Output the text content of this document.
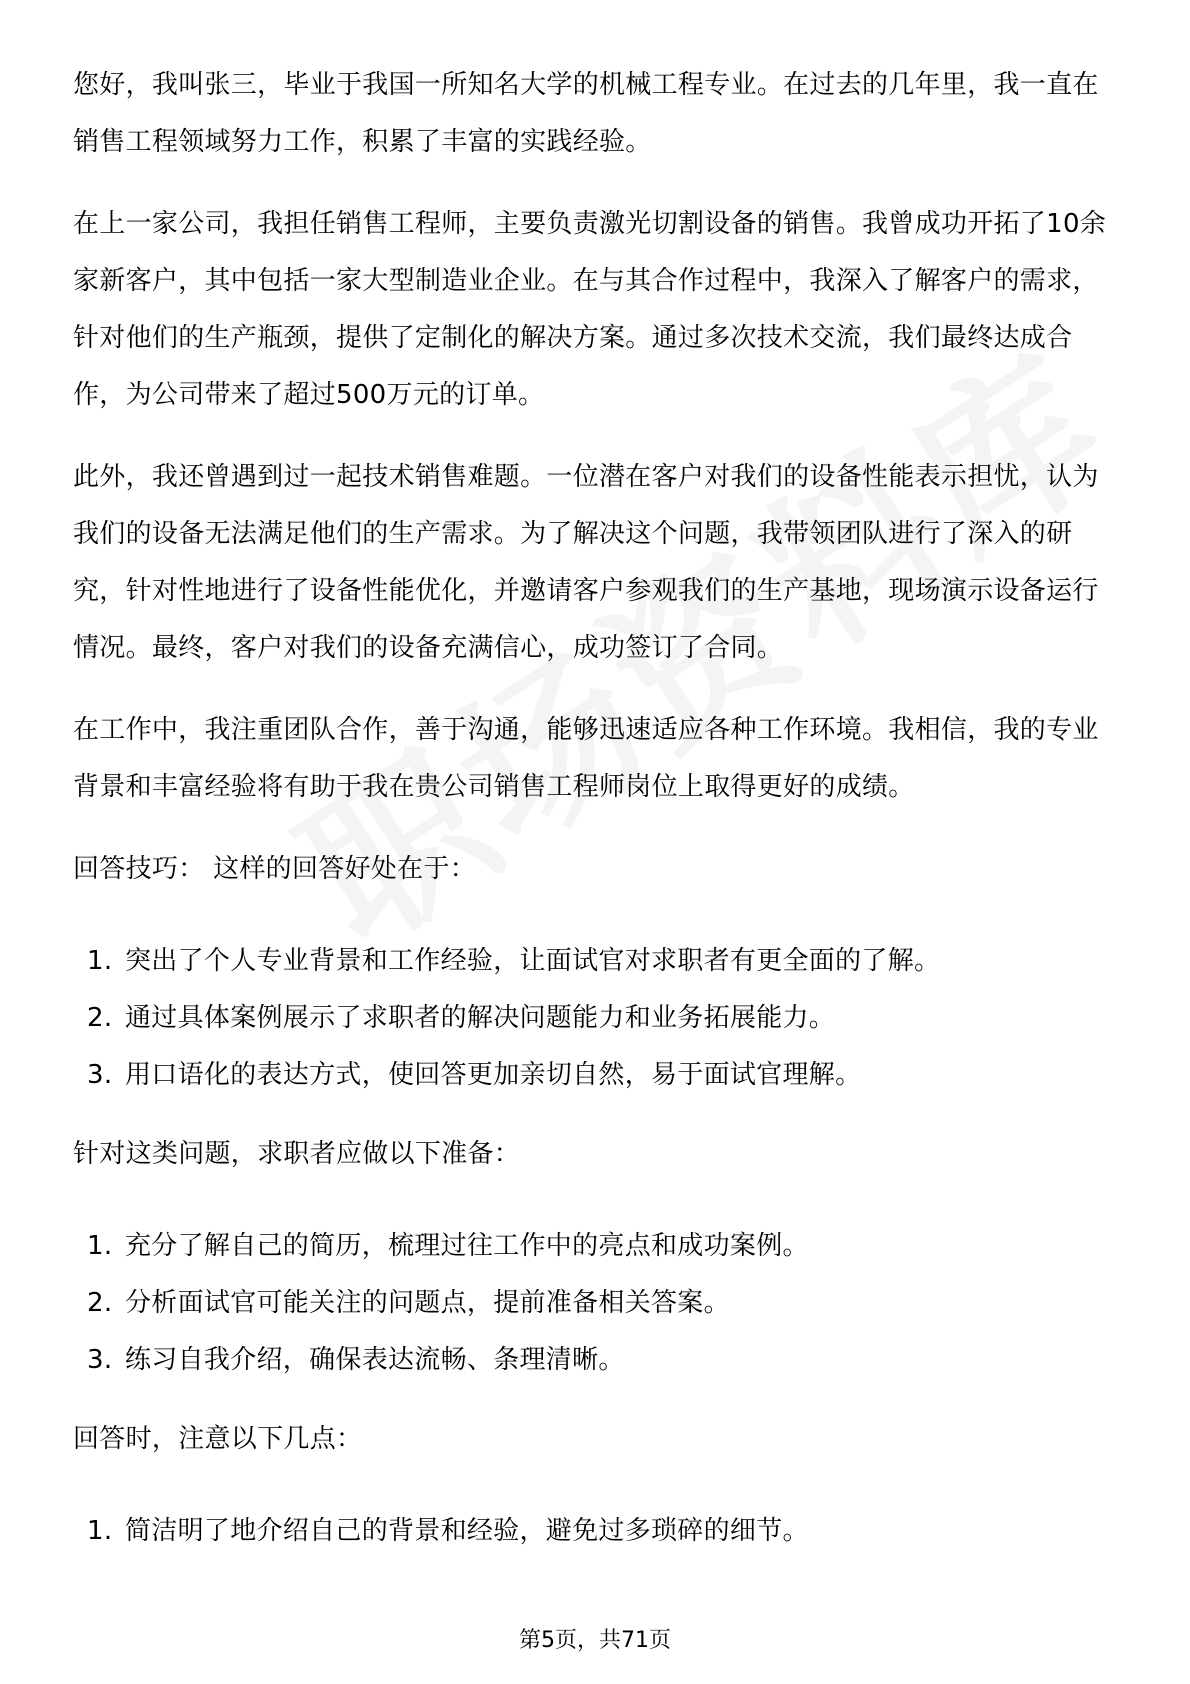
您好，我叫张三，毕业于我国一所知名大学的机械工程专业。在过去的几年里，我一直在销售工程领域努力工作，积累了丰富的实践经验。

在上一家公司，我担任销售工程师，主要负责激光切割设备的销售。我曾成功开拓了10余家新客户，其中包括一家大型制造业企业。在与其合作过程中，我深入了解客户的需求，针对他们的生产瓶颈，提供了定制化的解决方案。通过多次技术交流，我们最终达成合作，为公司带来了超过500万元的订单。

此外，我还曾遇到过一起技术销售难题。一位潜在客户对我们的设备性能表示担忧，认为我们的设备无法满足他们的生产需求。为了解决这个问题，我带领团队进行了深入的研究，针对性地进行了设备性能优化，并邀请客户参观我们的生产基地，现场演示设备运行情况。最终，客户对我们的设备充满信心，成功签订了合同。

在工作中，我注重团队合作，善于沟通，能够迅速适应各种工作环境。我相信，我的专业背景和丰富经验将有助于我在贵公司销售工程师岗位上取得更好的成绩。

回答技巧： 这样的回答好处在于：

1. 突出了个人专业背景和工作经验，让面试官对求职者有更全面的了解。
2. 通过具体案例展示了求职者的解决问题能力和业务拓展能力。
3. 用口语化的表达方式，使回答更加亲切自然，易于面试官理解。

针对这类问题，求职者应做以下准备：

1. 充分了解自己的简历，梳理过往工作中的亮点和成功案例。
2. 分析面试官可能关注的问题点，提前准备相关答案。
3. 练习自我介绍，确保表达流畅、条理清晰。

回答时，注意以下几点：

1. 简洁明了地介绍自己的背景和经验，避免过多琐碎的细节。
第5页，共71页
